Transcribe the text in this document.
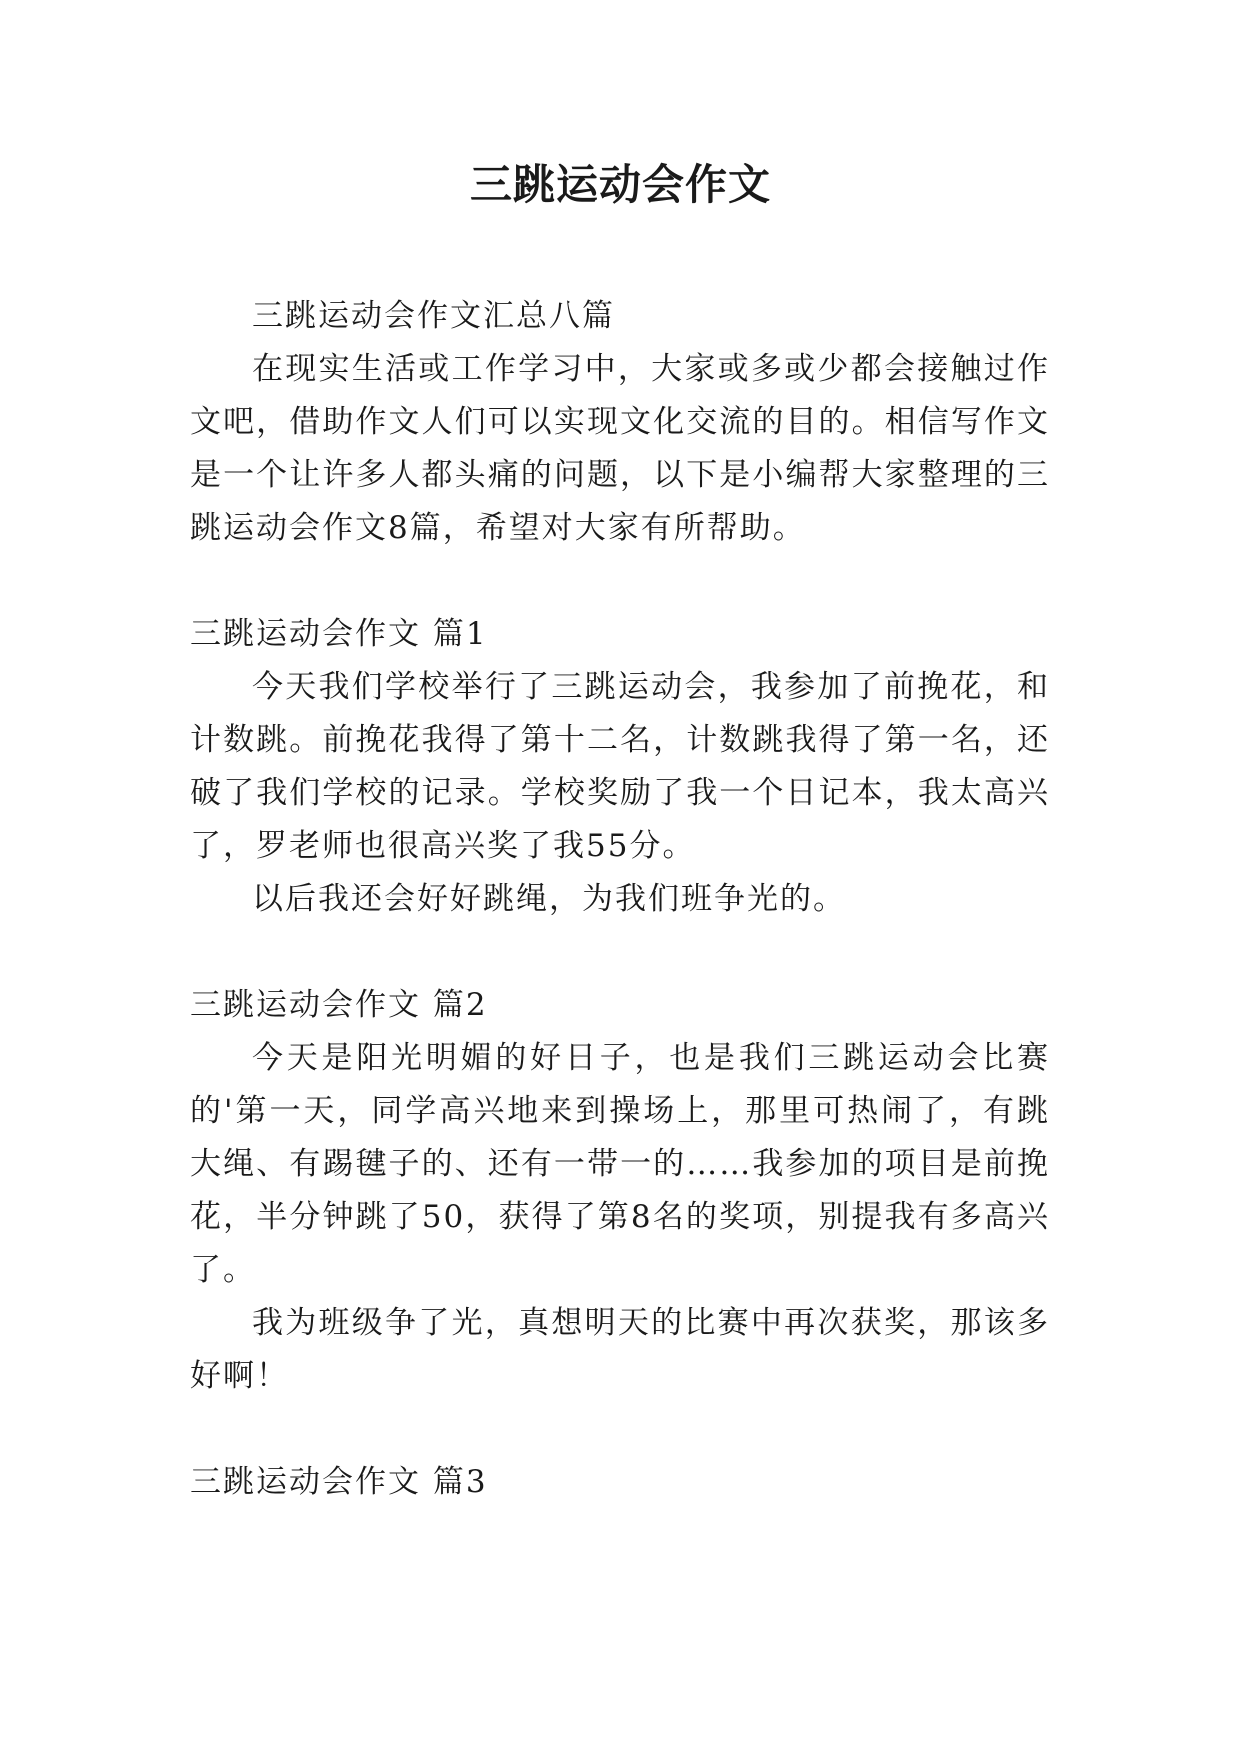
三跳运动会作文

三跳运动会作文汇总八篇

在现实生活或工作学习中，大家或多或少都会接触过作文吧，借助作文人们可以实现文化交流的目的。相信写作文是一个让许多人都头痛的问题，以下是小编帮大家整理的三跳运动会作文8篇，希望对大家有所帮助。

三跳运动会作文 篇1

今天我们学校举行了三跳运动会，我参加了前挽花，和计数跳。前挽花我得了第十二名，计数跳我得了第一名，还破了我们学校的记录。学校奖励了我一个日记本，我太高兴了，罗老师也很高兴奖了我55分。

以后我还会好好跳绳，为我们班争光的。

三跳运动会作文 篇2

今天是阳光明媚的好日子，也是我们三跳运动会比赛的'第一天，同学高兴地来到操场上，那里可热闹了，有跳大绳、有踢毽子的、还有一带一的……我参加的项目是前挽花，半分钟跳了50，获得了第8名的奖项，别提我有多高兴了。

我为班级争了光，真想明天的比赛中再次获奖，那该多好啊！

三跳运动会作文 篇3
